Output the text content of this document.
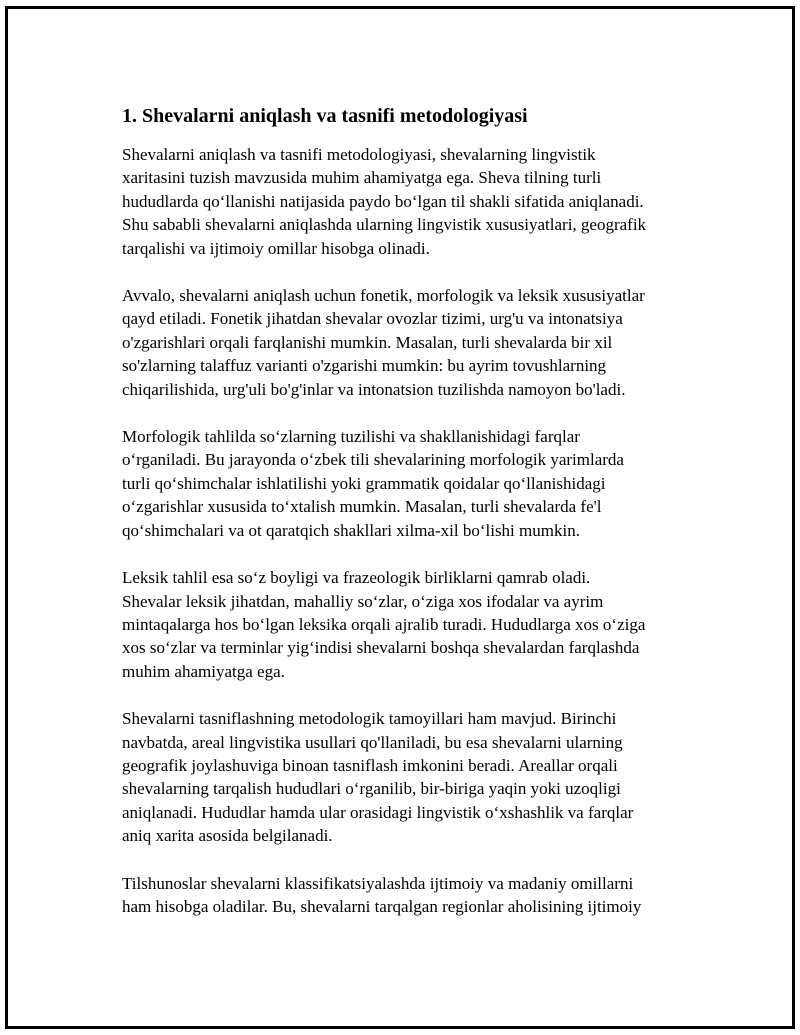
1. Shevalarni aniqlash va tasnifi metodologiyasi

Shevalarni aniqlash va tasnifi metodologiyasi, shevalarning lingvistik
xaritasini tuzish mavzusida muhim ahamiyatga ega. Sheva tilning turli
hududlarda qo‘llanishi natijasida paydo bo‘lgan til shakli sifatida aniqlanadi.
Shu sababli shevalarni aniqlashda ularning lingvistik xususiyatlari, geografik
tarqalishi va ijtimoiy omillar hisobga olinadi.

Avvalo, shevalarni aniqlash uchun fonetik, morfologik va leksik xususiyatlar
qayd etiladi. Fonetik jihatdan shevalar ovozlar tizimi, urg'u va intonatsiya
o'zgarishlari orqali farqlanishi mumkin. Masalan, turli shevalarda bir xil
so'zlarning talaffuz varianti o'zgarishi mumkin: bu ayrim tovushlarning
chiqarilishida, urg'uli bo'g'inlar va intonatsion tuzilishda namoyon bo'ladi.

Morfologik tahlilda so‘zlarning tuzilishi va shakllanishidagi farqlar
o‘rganiladi. Bu jarayonda o‘zbek tili shevalarining morfologik yarimlarda
turli qo‘shimchalar ishlatilishi yoki grammatik qoidalar qo‘llanishidagi
o‘zgarishlar xususida to‘xtalish mumkin. Masalan, turli shevalarda fe'l
qo‘shimchalari va ot qaratqich shakllari xilma-xil bo‘lishi mumkin.

Leksik tahlil esa so‘z boyligi va frazeologik birliklarni qamrab oladi.
Shevalar leksik jihatdan, mahalliy so‘zlar, o‘ziga xos ifodalar va ayrim
mintaqalarga hos bo‘lgan leksika orqali ajralib turadi. Hududlarga xos o‘ziga
xos so‘zlar va terminlar yig‘indisi shevalarni boshqa shevalardan farqlashda
muhim ahamiyatga ega.

Shevalarni tasniflashning metodologik tamoyillari ham mavjud. Birinchi
navbatda, areal lingvistika usullari qo'llaniladi, bu esa shevalarni ularning
geografik joylashuviga binoan tasniflash imkonini beradi. Areallar orqali
shevalarning tarqalish hududlari o‘rganilib, bir-biriga yaqin yoki uzoqligi
aniqlanadi. Hududlar hamda ular orasidagi lingvistik o‘xshashlik va farqlar
aniq xarita asosida belgilanadi.

Tilshunoslar shevalarni klassifikatsiyalashda ijtimoiy va madaniy omillarni
ham hisobga oladilar. Bu, shevalarni tarqalgan regionlar aholisining ijtimoiy
